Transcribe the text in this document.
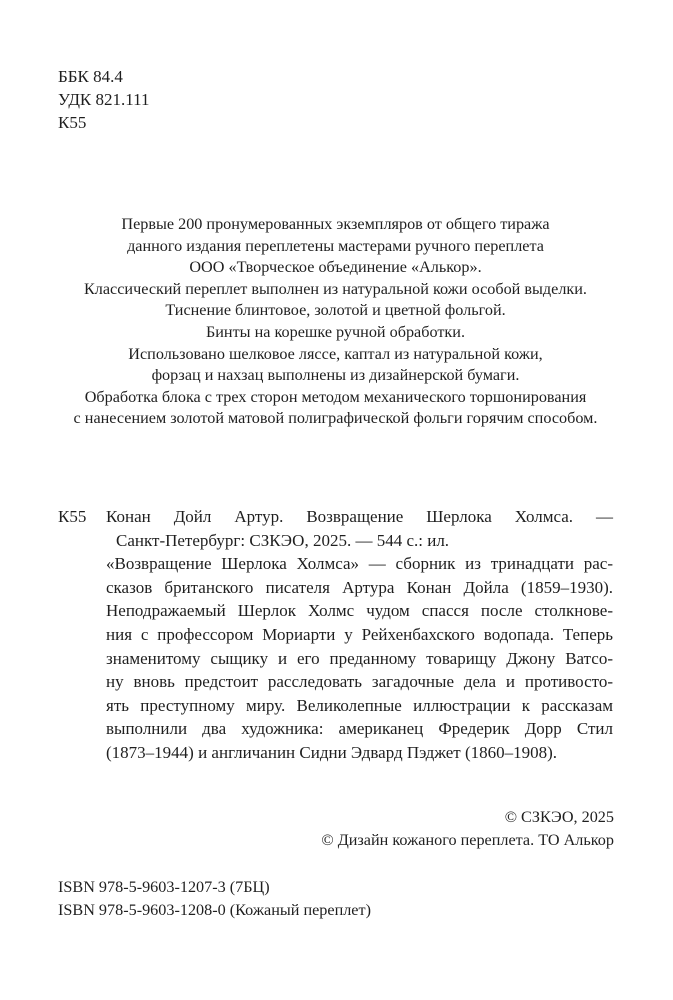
ББК 84.4
УДК 821.111
К55
Первые 200 пронумерованных экземпляров от общего тиража
данного издания переплетены мастерами ручного переплета
ООО «Творческое объединение «Алькор».
Классический переплет выполнен из натуральной кожи особой выделки.
Тиснение блинтовое, золотой и цветной фольгой.
Бинты на корешке ручной обработки.
Использовано шелковое ляссе, каптал из натуральной кожи,
форзац и нахзац выполнены из дизайнерской бумаги.
Обработка блока с трех сторон методом механического торшонирования
с нанесением золотой матовой полиграфической фольги горячим способом.
К55 Конан Дойл Артур. Возвращение Шерлока Холмса. —
Санкт-Петербург: СЗКЭО, 2025. — 544 с.: ил.
«Возвращение Шерлока Холмса» — сборник из тринадцати рас-
сказов британского писателя Артура Конан Дойла (1859–1930).
Неподражаемый Шерлок Холмс чудом спасся после столкнове-
ния с профессором Мориарти у Рейхенбахского водопада. Теперь
знаменитому сыщику и его преданному товарищу Джону Ватсо-
ну вновь предстоит расследовать загадочные дела и противосто-
ять преступному миру. Великолепные иллюстрации к рассказам
выполнили два художника: американец Фредерик Дорр Стил
(1873–1944) и англичанин Сидни Эдвард Пэджет (1860–1908).
© СЗКЭО, 2025
© Дизайн кожаного переплета. ТО Алькор
ISBN 978-5-9603-1207-3 (7БЦ)
ISBN 978-5-9603-1208-0 (Кожаный переплет)
